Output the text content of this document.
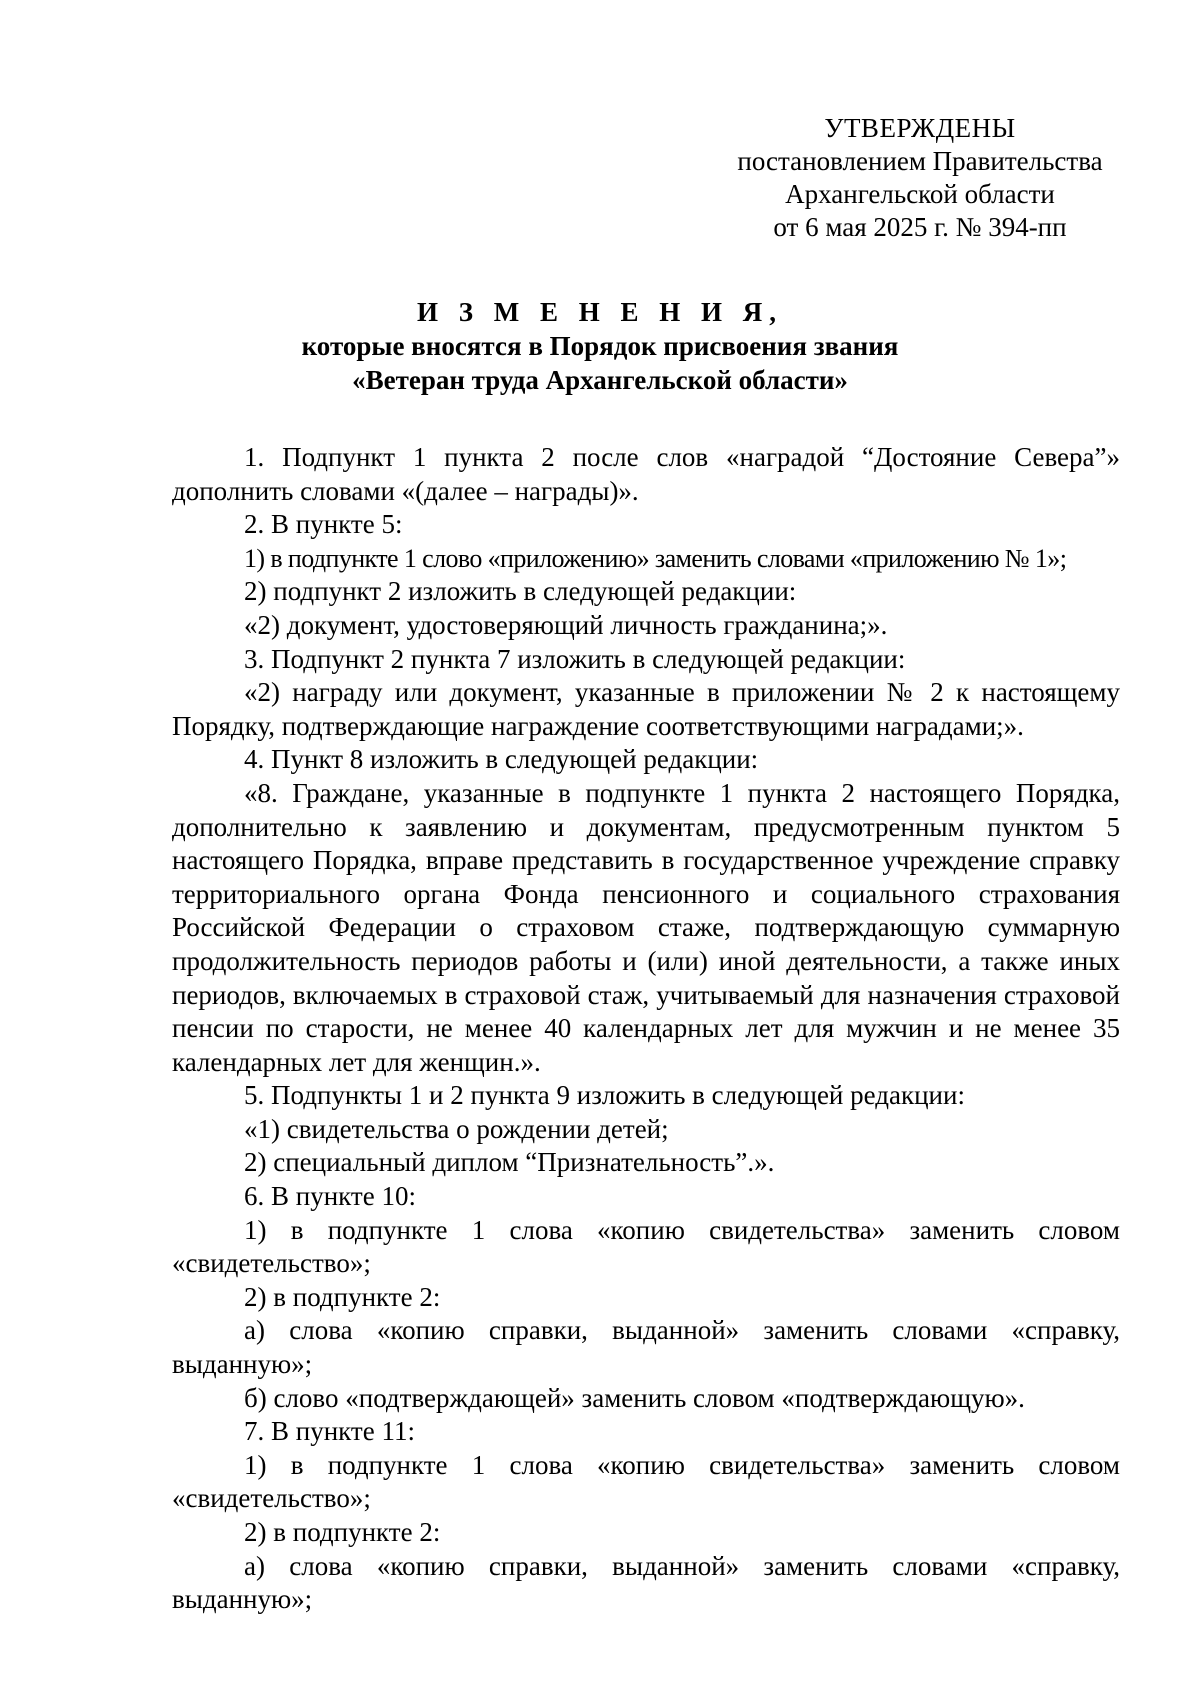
УТВЕРЖДЕНЫ
постановлением Правительства
Архангельской области
от 6 мая 2025 г. № 394-пп
И З М Е Н Е Н И Я,
которые вносятся в Порядок присвоения звания
«Ветеран труда Архангельской области»

1. Подпункт 1 пункта 2 после слов «наградой “Достояние Севера”» дополнить словами «(далее – награды)».

2. В пункте 5:

1) в подпункте 1 слово «приложению» заменить словами «приложению № 1»;

2) подпункт 2 изложить в следующей редакции:

«2) документ, удостоверяющий личность гражданина;».

3. Подпункт 2 пункта 7 изложить в следующей редакции:

«2) награду или документ, указанные в приложении № 2 к настоящему Порядку, подтверждающие награждение соответствующими наградами;».

4. Пункт 8 изложить в следующей редакции:

«8. Граждане, указанные в подпункте 1 пункта 2 настоящего Порядка, дополнительно к заявлению и документам, предусмотренным пунктом 5 настоящего Порядка, вправе представить в государственное учреждение справку территориального органа Фонда пенсионного и социального страхования Российской Федерации о страховом стаже, подтверждающую суммарную продолжительность периодов работы и (или) иной деятельности, а также иных периодов, включаемых в страховой стаж, учитываемый для назначения страховой пенсии по старости, не менее 40 календарных лет для мужчин и не менее 35 календарных лет для женщин.».

5. Подпункты 1 и 2 пункта 9 изложить в следующей редакции:

«1) свидетельства о рождении детей;

2) специальный диплом “Признательность”.».

6. В пункте 10:

1) в подпункте 1 слова «копию свидетельства» заменить словом «свидетельство»;

2) в подпункте 2:

а) слова «копию справки, выданной» заменить словами «справку, выданную»;

б) слово «подтверждающей» заменить словом «подтверждающую».

7. В пункте 11:

1) в подпункте 1 слова «копию свидетельства» заменить словом «свидетельство»;

2) в подпункте 2:

а) слова «копию справки, выданной» заменить словами «справку, выданную»;
